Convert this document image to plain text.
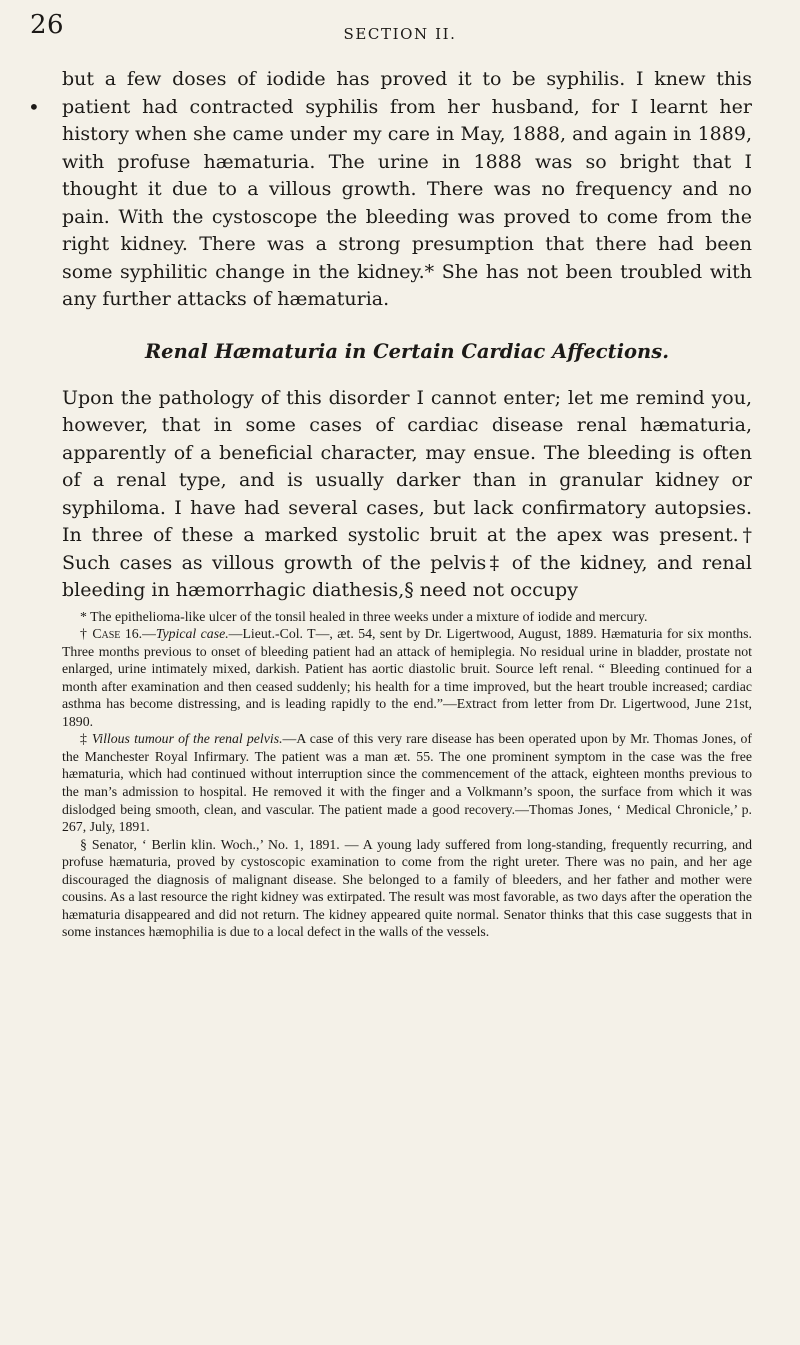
26	SECTION II.
•

but a few doses of iodide has proved it to be syphilis. I knew this patient had contracted syphilis from her husband, for I learnt her history when she came under my care in May, 1888, and again in 1889, with profuse hæmaturia. The urine in 1888 was so bright that I thought it due to a villous growth. There was no frequency and no pain. With the cystoscope the bleeding was proved to come from the right kidney. There was a strong presumption that there had been some syphilitic change in the kidney.* She has not been troubled with any further attacks of hæmaturia.

Renal Hæmaturia in Certain Cardiac Affections.

Upon the pathology of this disorder I cannot enter; let me remind you, however, that in some cases of cardiac disease renal hæmaturia, apparently of a beneficial character, may ensue. The bleeding is often of a renal type, and is usually darker than in granular kidney or syphiloma. I have had several cases, but lack confirmatory autopsies. In three of these a marked systolic bruit at the apex was present.† Such cases as villous growth of the pelvis‡ of the kidney, and renal bleeding in hæmorrhagic diathesis,§ need not occupy

* The epithelioma-like ulcer of the tonsil healed in three weeks under a mixture of iodide and mercury.

† Case 16.—Typical case.—Lieut.-Col. T—, æt. 54, sent by Dr. Ligertwood, August, 1889. Hæmaturia for six months. Three months previous to onset of bleeding patient had an attack of hemiplegia. No residual urine in bladder, prostate not enlarged, urine intimately mixed, darkish. Patient has aortic diastolic bruit. Source left renal. “ Bleeding continued for a month after examination and then ceased suddenly; his health for a time improved, but the heart trouble increased; cardiac asthma has become distressing, and is leading rapidly to the end.”—Extract from letter from Dr. Ligertwood, June 21st, 1890.

‡ Villous tumour of the renal pelvis.—A case of this very rare disease has been operated upon by Mr. Thomas Jones, of the Manchester Royal Infirmary. The patient was a man æt. 55. The one prominent symptom in the case was the free hæmaturia, which had continued without interruption since the commencement of the attack, eighteen months previous to the man’s admission to hospital. He removed it with the finger and a Volkmann’s spoon, the surface from which it was dislodged being smooth, clean, and vascular. The patient made a good recovery.—Thomas Jones, ‘ Medical Chronicle,’ p. 267, July, 1891.

§ Senator, ‘ Berlin klin. Woch.,’ No. 1, 1891. — A young lady suffered from long-standing, frequently recurring, and profuse hæmaturia, proved by cystoscopic examination to come from the right ureter. There was no pain, and her age discouraged the diagnosis of malignant disease. She belonged to a family of bleeders, and her father and mother were cousins. As a last resource the right kidney was extirpated. The result was most favorable, as two days after the operation the hæmaturia disappeared and did not return. The kidney appeared quite normal. Senator thinks that this case suggests that in some instances hæmophilia is due to a local defect in the walls of the vessels.
